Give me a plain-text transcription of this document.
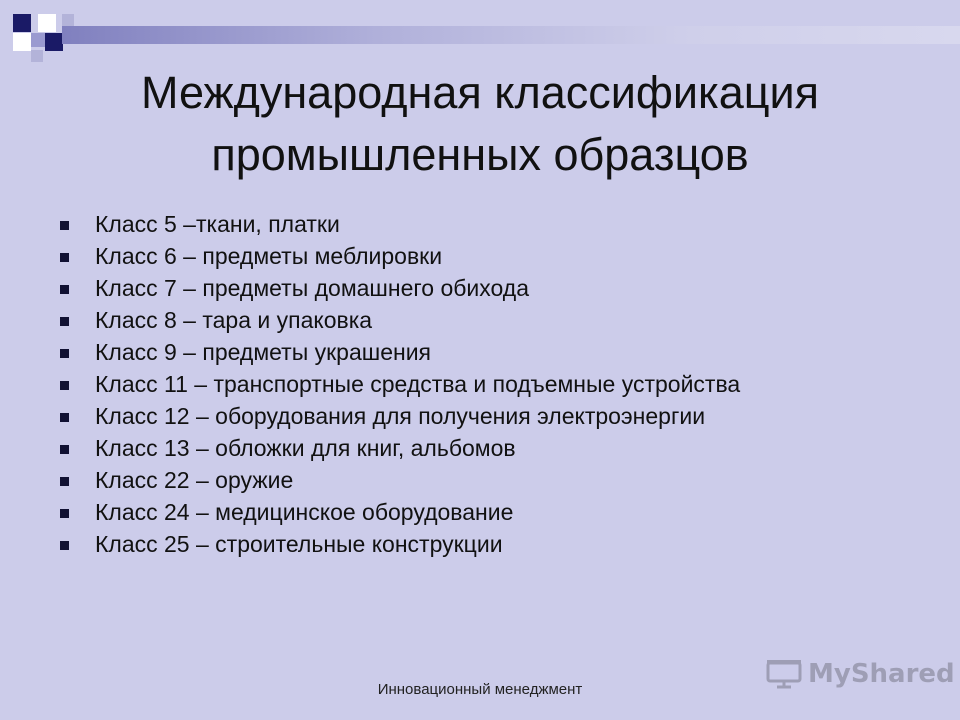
Международная классификация
промышленных образцов
Класс 5 –ткани, платки
Класс 6 – предметы меблировки
Класс 7 – предметы домашнего обихода
Класс 8 – тара и упаковка
Класс 9 – предметы украшения
Класс 11 – транспортные средства и подъемные устройства
Класс 12 – оборудования для получения электроэнергии
Класс 13 – обложки для книг, альбомов
Класс 22 – оружие
Класс 24 – медицинское оборудование
Класс 25 – строительные конструкции
Инновационный менеджмент
MyShared
